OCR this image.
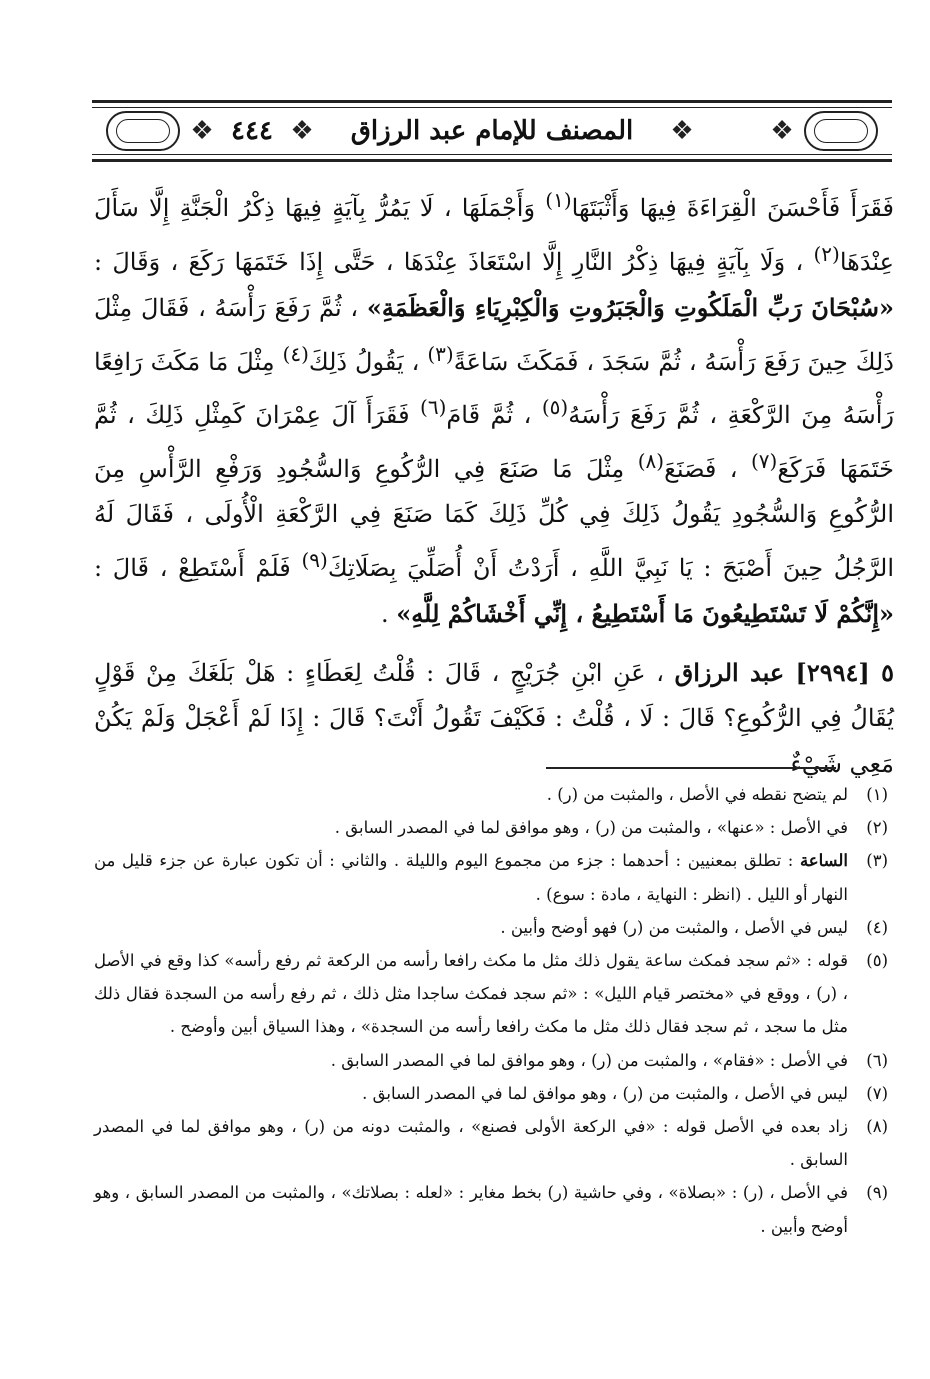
❖ ٤٤٤ ❖	المصنف للإمام عبد الرزاق	❖	❖

فَقَرَأَ فَأَحْسَنَ الْقِرَاءَةَ فِيهَا وَأَثْبَتَهَا$^{(١)}$ وَأَجْمَلَهَا ، لَا يَمُرُّ بِآيَةٍ فِيهَا ذِكْرُ الْجَنَّةِ إِلَّا سَأَلَ عِنْدَهَا$^{(٢)}$ ، وَلَا بِآيَةٍ فِيهَا ذِكْرُ النَّارِ إِلَّا اسْتَعَاذَ عِنْدَهَا ، حَتَّى إِذَا خَتَمَهَا رَكَعَ ، وَقَالَ : «سُبْحَانَ رَبِّ الْمَلَكُوتِ وَالْجَبَرُوتِ وَالْكِبْرِيَاءِ وَالْعَظَمَةِ» ، ثُمَّ رَفَعَ رَأْسَهُ ، فَقَالَ مِثْلَ ذَلِكَ حِينَ رَفَعَ رَأْسَهُ ، ثُمَّ سَجَدَ ، فَمَكَثَ سَاعَةً$^{(٣)}$ ، يَقُولُ ذَلِكَ$^{(٤)}$ مِثْلَ مَا مَكَثَ رَافِعًا رَأْسَهُ مِنَ الرَّكْعَةِ ، ثُمَّ رَفَعَ رَأْسَهُ$^{(٥)}$ ، ثُمَّ قَامَ$^{(٦)}$ فَقَرَأَ آلَ عِمْرَانَ كَمِثْلِ ذَلِكَ ، ثُمَّ خَتَمَهَا فَرَكَعَ$^{(٧)}$ ، فَصَنَعَ$^{(٨)}$ مِثْلَ مَا صَنَعَ فِي الرُّكُوعِ وَالسُّجُودِ وَرَفْعِ الرَّأْسِ مِنَ الرُّكُوعِ وَالسُّجُودِ يَقُولُ ذَلِكَ فِي كُلِّ ذَلِكَ كَمَا صَنَعَ فِي الرَّكْعَةِ الْأُولَى ، فَقَالَ لَهُ الرَّجُلُ حِينَ أَصْبَحَ : يَا نَبِيَّ اللَّهِ ، أَرَدْتُ أَنْ أُصَلِّيَ بِصَلَاتِكَ$^{(٩)}$ فَلَمْ أَسْتَطِعْ ، قَالَ : «إِنَّكُمْ لَا تَسْتَطِيعُونَ مَا أَسْتَطِيعُ ، إِنِّي أَخْشَاكُمْ لِلَّهِ» .

٥ [٢٩٩٤] عبد الرزاق ، عَنِ ابْنِ جُرَيْجٍ ، قَالَ : قُلْتُ لِعَطَاءٍ : هَلْ بَلَغَكَ مِنْ قَوْلٍ يُقَالُ فِي الرُّكُوعِ؟ قَالَ : لَا ، قُلْتُ : فَكَيْفَ تَقُولُ أَنْتَ؟ قَالَ : إِذَا لَمْ أَعْجَلْ وَلَمْ يَكُنْ مَعِي شَيْءٌ

(١)لم يتضح نقطه في الأصل ، والمثبت من (ر) .

(٢)في الأصل : «عنها» ، والمثبت من (ر) ، وهو موافق لما في المصدر السابق .

(٣)الساعة : تطلق بمعنيين : أحدهما : جزء من مجموع اليوم والليلة . والثاني : أن تكون عبارة عن جزء قليل من النهار أو الليل . (انظر : النهاية ، مادة : سوع) .

(٤)ليس في الأصل ، والمثبت من (ر) فهو أوضح وأبين .

(٥)قوله : «ثم سجد فمكث ساعة يقول ذلك مثل ما مكث رافعا رأسه من الركعة ثم رفع رأسه» كذا وقع في الأصل ، (ر) ، ووقع في «مختصر قيام الليل» : «ثم سجد فمكث ساجدا مثل ذلك ، ثم رفع رأسه من السجدة فقال ذلك مثل ما سجد ، ثم سجد فقال ذلك مثل ما مكث رافعا رأسه من السجدة» ، وهذا السياق أبين وأوضح .

(٦)في الأصل : «فقام» ، والمثبت من (ر) ، وهو موافق لما في المصدر السابق .

(٧)ليس في الأصل ، والمثبت من (ر) ، وهو موافق لما في المصدر السابق .

(٨)زاد بعده في الأصل قوله : «في الركعة الأولى فصنع» ، والمثبت دونه من (ر) ، وهو موافق لما في المصدر السابق .

(٩)في الأصل ، (ر) : «بصلاة» ، وفي حاشية (ر) بخط مغاير : «لعله : بصلاتك» ، والمثبت من المصدر السابق ، وهو أوضح وأبين .
